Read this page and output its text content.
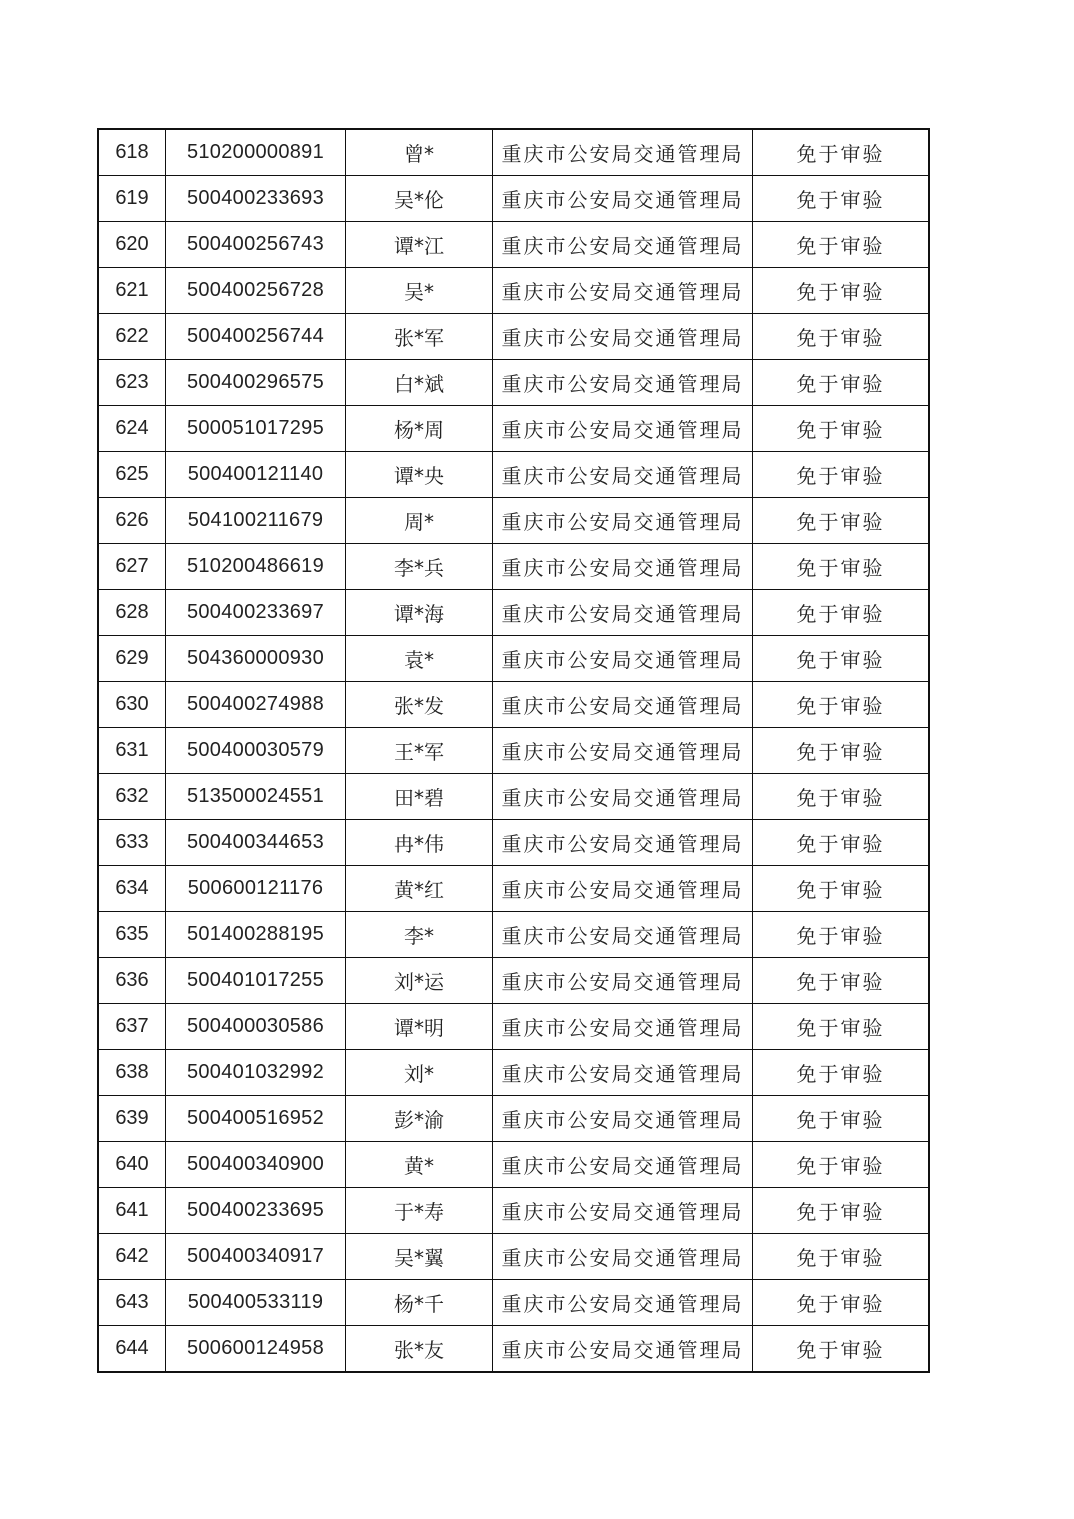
618	510200000891	曾*	重庆市公安局交通管理局	免于审验
619	500400233693	吴*伦	重庆市公安局交通管理局	免于审验
620	500400256743	谭*江	重庆市公安局交通管理局	免于审验
621	500400256728	吴*	重庆市公安局交通管理局	免于审验
622	500400256744	张*军	重庆市公安局交通管理局	免于审验
623	500400296575	白*斌	重庆市公安局交通管理局	免于审验
624	500051017295	杨*周	重庆市公安局交通管理局	免于审验
625	500400121140	谭*央	重庆市公安局交通管理局	免于审验
626	504100211679	周*	重庆市公安局交通管理局	免于审验
627	510200486619	李*兵	重庆市公安局交通管理局	免于审验
628	500400233697	谭*海	重庆市公安局交通管理局	免于审验
629	504360000930	袁*	重庆市公安局交通管理局	免于审验
630	500400274988	张*发	重庆市公安局交通管理局	免于审验
631	500400030579	王*军	重庆市公安局交通管理局	免于审验
632	513500024551	田*碧	重庆市公安局交通管理局	免于审验
633	500400344653	冉*伟	重庆市公安局交通管理局	免于审验
634	500600121176	黄*红	重庆市公安局交通管理局	免于审验
635	501400288195	李*	重庆市公安局交通管理局	免于审验
636	500401017255	刘*运	重庆市公安局交通管理局	免于审验
637	500400030586	谭*明	重庆市公安局交通管理局	免于审验
638	500401032992	刘*	重庆市公安局交通管理局	免于审验
639	500400516952	彭*渝	重庆市公安局交通管理局	免于审验
640	500400340900	黄*	重庆市公安局交通管理局	免于审验
641	500400233695	于*寿	重庆市公安局交通管理局	免于审验
642	500400340917	吴*翼	重庆市公安局交通管理局	免于审验
643	500400533119	杨*千	重庆市公安局交通管理局	免于审验
644	500600124958	张*友	重庆市公安局交通管理局	免于审验
